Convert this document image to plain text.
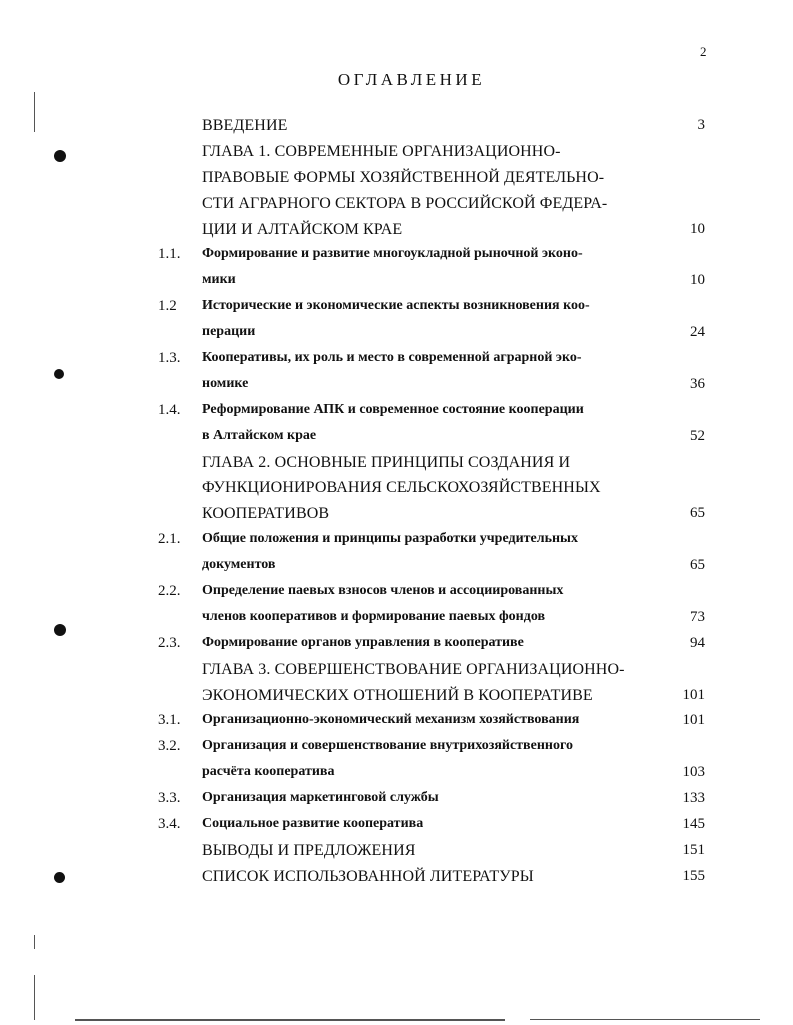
2
ОГЛАВЛЕНИЕ
ВВЕДЕНИЕ	3
ГЛАВА 1. СОВРЕМЕННЫЕ ОРГАНИЗАЦИОННО-
ПРАВОВЫЕ ФОРМЫ ХОЗЯЙСТВЕННОЙ ДЕЯТЕЛЬНО-
СТИ АГРАРНОГО СЕКТОРА В РОССИЙСКОЙ ФЕДЕРА-
ЦИИ И АЛТАЙСКОМ КРАЕ	10
1.1. Формирование и развитие многоукладной рыночной эконо-
мики	10
1.2 Исторические и экономические аспекты возникновения коо-
перации	24
1.3. Кооперативы, их роль и место в современной аграрной эко-
номике	36
1.4. Реформирование АПК и современное состояние кооперации
в Алтайском крае	52
ГЛАВА 2. ОСНОВНЫЕ ПРИНЦИПЫ СОЗДАНИЯ И
ФУНКЦИОНИРОВАНИЯ СЕЛЬСКОХОЗЯЙСТВЕННЫХ
КООПЕРАТИВОВ	65
2.1. Общие положения и принципы разработки учредительных
документов	65
2.2. Определение паевых взносов членов и ассоциированных
членов кооперативов и формирование паевых фондов	73
2.3. Формирование органов управления в кооперативе	94
ГЛАВА 3. СОВЕРШЕНСТВОВАНИЕ ОРГАНИЗАЦИОННО-
ЭКОНОМИЧЕСКИХ ОТНОШЕНИЙ В КООПЕРАТИВЕ	101
3.1. Организационно-экономический механизм хозяйствования	101
3.2. Организация и совершенствование внутрихозяйственного
расчёта кооператива	103
3.3. Организация маркетинговой службы	133
3.4. Социальное развитие кооператива	145
ВЫВОДЫ И ПРЕДЛОЖЕНИЯ	151
СПИСОК ИСПОЛЬЗОВАННОЙ ЛИТЕРАТУРЫ	155
